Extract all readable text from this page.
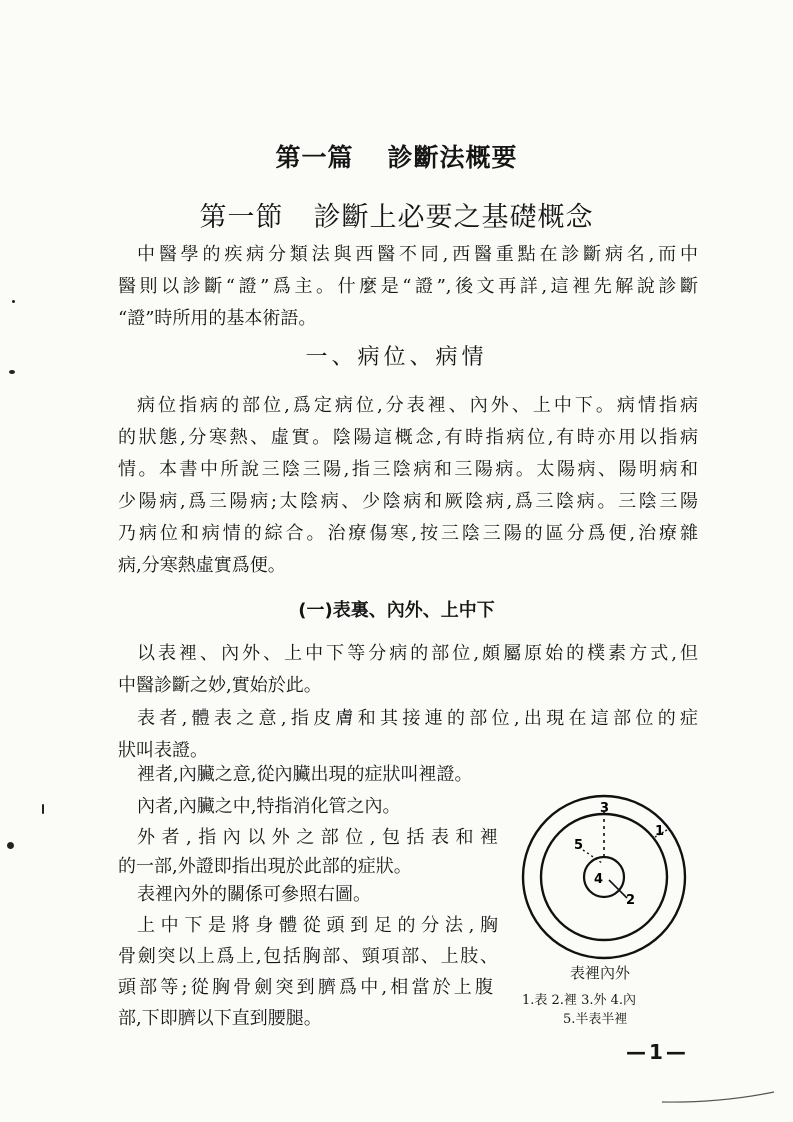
第一篇 診斷法概要
第一節 診斷上必要之基礎概念
中醫學的疾病分類法與西醫不同,西醫重點在診斷病名,而中
醫則以診斷“證”爲主。什麼是“證”,後文再詳,這裡先解說診斷
“證”時所用的基本術語。
一、病位、病情
病位指病的部位,爲定病位,分表裡、內外、上中下。病情指病
的狀態,分寒熱、虛實。陰陽這概念,有時指病位,有時亦用以指病
情。本書中所說三陰三陽,指三陰病和三陽病。太陽病、陽明病和
少陽病,爲三陽病;太陰病、少陰病和厥陰病,爲三陰病。三陰三陽
乃病位和病情的綜合。治療傷寒,按三陰三陽的區分爲便,治療雜
病,分寒熱虛實爲便。
(一)表裏、內外、上中下
以表裡、內外、上中下等分病的部位,頗屬原始的樸素方式,但
中醫診斷之妙,實始於此。
表者,體表之意,指皮膚和其接連的部位,出現在這部位的症
狀叫表證。
裡者,內臟之意,從內臟出現的症狀叫裡證。
內者,內臟之中,特指消化管之內。
外者,指內以外之部位,包括表和裡
的一部,外證即指出現於此部的症狀。
表裡內外的關係可參照右圖。
上中下是將身體從頭到足的分法,胸
骨劍突以上爲上,包括胸部、頸項部、上肢、
頭部等;從胸骨劍突到臍爲中,相當於上腹
部,下即臍以下直到腰腿。
3
5
1
2
4
表裡內外
1.表 2.裡 3.外 4.內
5.半表半裡
—1—
